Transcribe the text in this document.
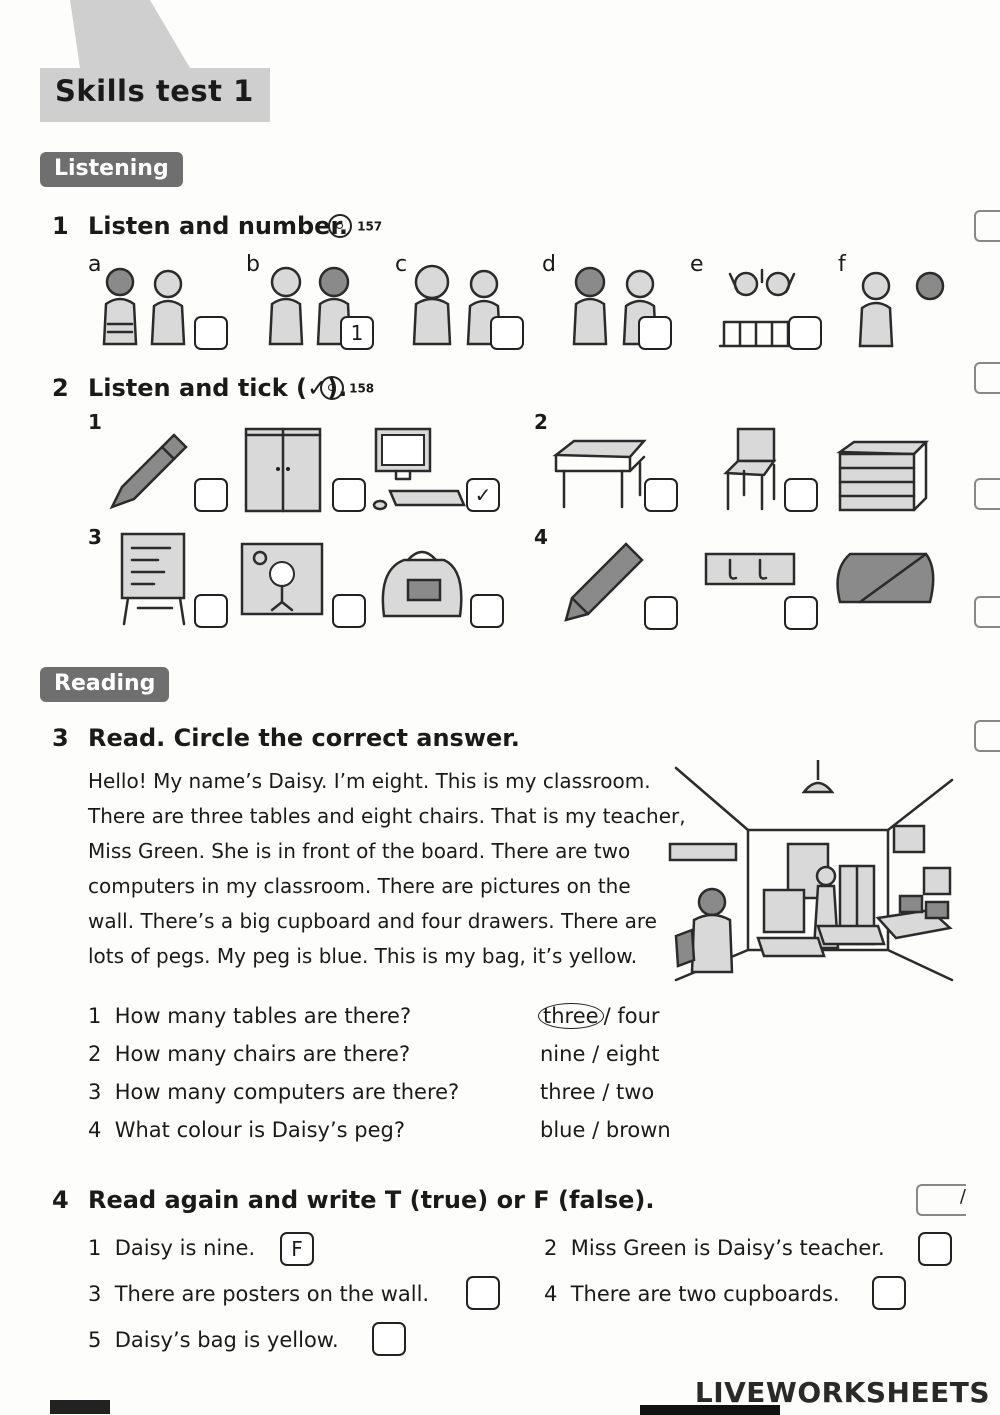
Skills test 1
Listening
1 Listen and number. 157
a	b	c	d	e	f
1
2 Listen and tick (✓). 158
1	2
3	4
✓
Reading
3 Read. Circle the correct answer.
Hello! My name’s Daisy. I’m eight. This is my classroom.
There are three tables and eight chairs. That is my teacher,
Miss Green. She is in front of the board. There are two
computers in my classroom. There are pictures on the
wall. There’s a big cupboard and four drawers. There are
lots of pegs. My peg is blue. This is my bag, it’s yellow.
1 How many tables are there?	three / four
2 How many chairs are there?	nine / eight
3 How many computers are there?	three / two
4 What colour is Daisy’s peg?	blue / brown
4 Read again and write T (true) or F (false).	/
1 Daisy is nine.	F	2 Miss Green is Daisy’s teacher.
3 There are posters on the wall.	4 There are two cupboards.
5 Daisy’s bag is yellow.
LIVEWORKSHEETS
